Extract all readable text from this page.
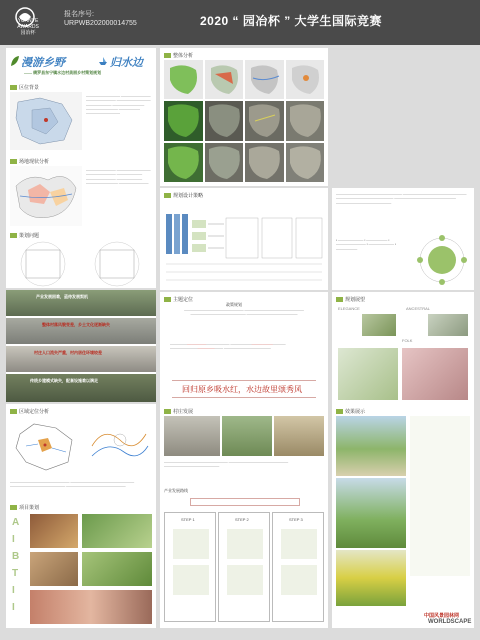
YUANYE AWARDS
园冶杯
报名序号:
URPWB202000014755	2020 “ 园冶杯 ” 大学生国际竞赛
漫游乡野	归水边
—— 绩罗县东宁镇水边村美丽乡村策划规划
区位背景
──────────────── ────────────── ────────────── ──────────────── ──────────── ─────────────── ─────────────── ────────── ────────────────
场地现状分析
────────────── ──────────────── ────────────── ──────────── ────────────── ──────────── ─────────────── ──────────────
策划问题
产业发展困难，亟待发展契机
整体村落风貌变差，乡土文化逐渐缺失
村庄人口流失严重，村内居住环境较差
传统乡建模式缺失，配套设施难以满足
区域定位分析
──────────────────────────── ────────────────────────────── ────────────────────────── ────────────────────────────
项目策划
A
I
B
T
I
I
整体分析
规划设计策略
主题定位
政策规划
──────────────────────────── ──────────────────────────── ────────────────────────── ────────────────────────
──────────────────────────── ────────────────────────── ───────────────────────── ──────────────────────
回归原乡吸水红，水边故里颂秀风
村庄发展
────────────────────────────── ──────────────────────────── ──────────────────────────
产业发展路线
STEP 1	STEP 2	STEP 3
─────────────────────────────── ────────────────────────────── ─────────────────────────── ───────────────────────────── ──────────────────────────
▪ ──────────── ▪ ────────── ▪ ────────────── ▪ ──────────── ▪ ──────────
规划展望
ELEGANCE	ANCESTRAL
FOLK
效果展示
中国风景园林网
WORLDSCAPE
